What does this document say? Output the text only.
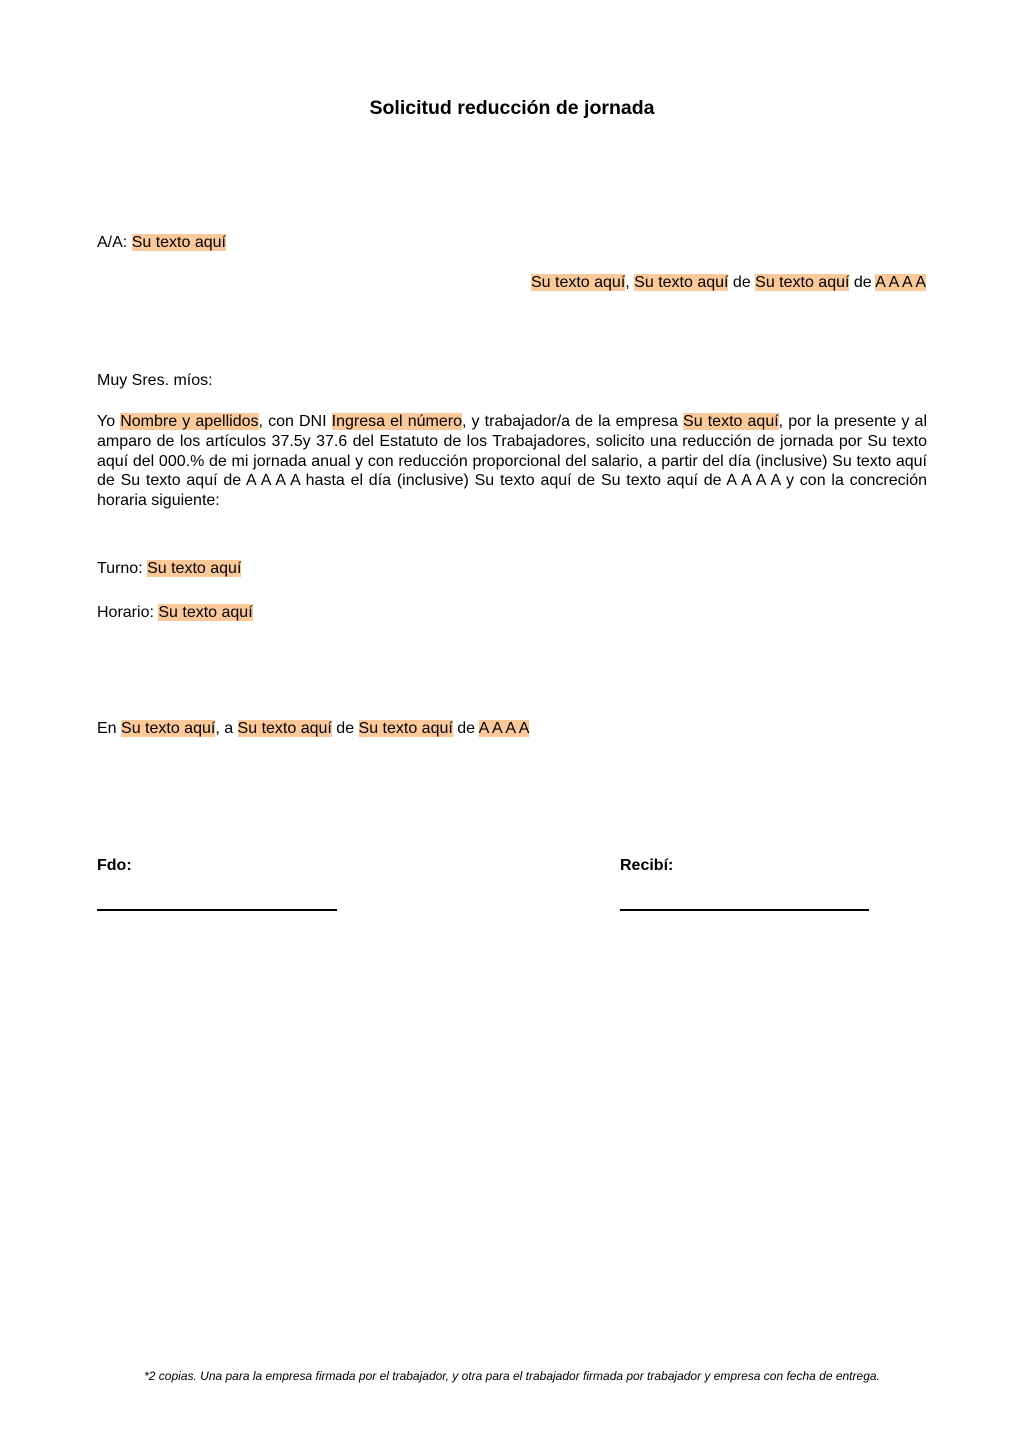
Solicitud reducción de jornada
A/A: Su texto aquí
Su texto aquí, Su texto aquí de Su texto aquí de A A A A
Muy Sres. míos:
Yo Nombre y apellidos, con DNI Ingresa el número, y trabajador/a de la empresa Su texto aquí, por la presente y al amparo de los artículos 37.5y 37.6 del Estatuto de los Trabajadores, solicito una reducción de jornada por Su texto aquí del 000.% de mi jornada anual y con reducción proporcional del salario, a partir del día (inclusive) Su texto aquí de Su texto aquí de A A A A hasta el día (inclusive) Su texto aquí de Su texto aquí de A A A A y con la concreción horaria siguiente:
Turno: Su texto aquí
Horario: Su texto aquí
En Su texto aquí, a Su texto aquí de Su texto aquí de A A A A
Fdo:	Recibí:
*2 copias. Una para la empresa firmada por el trabajador, y otra para el trabajador firmada por trabajador y empresa con fecha de entrega.
